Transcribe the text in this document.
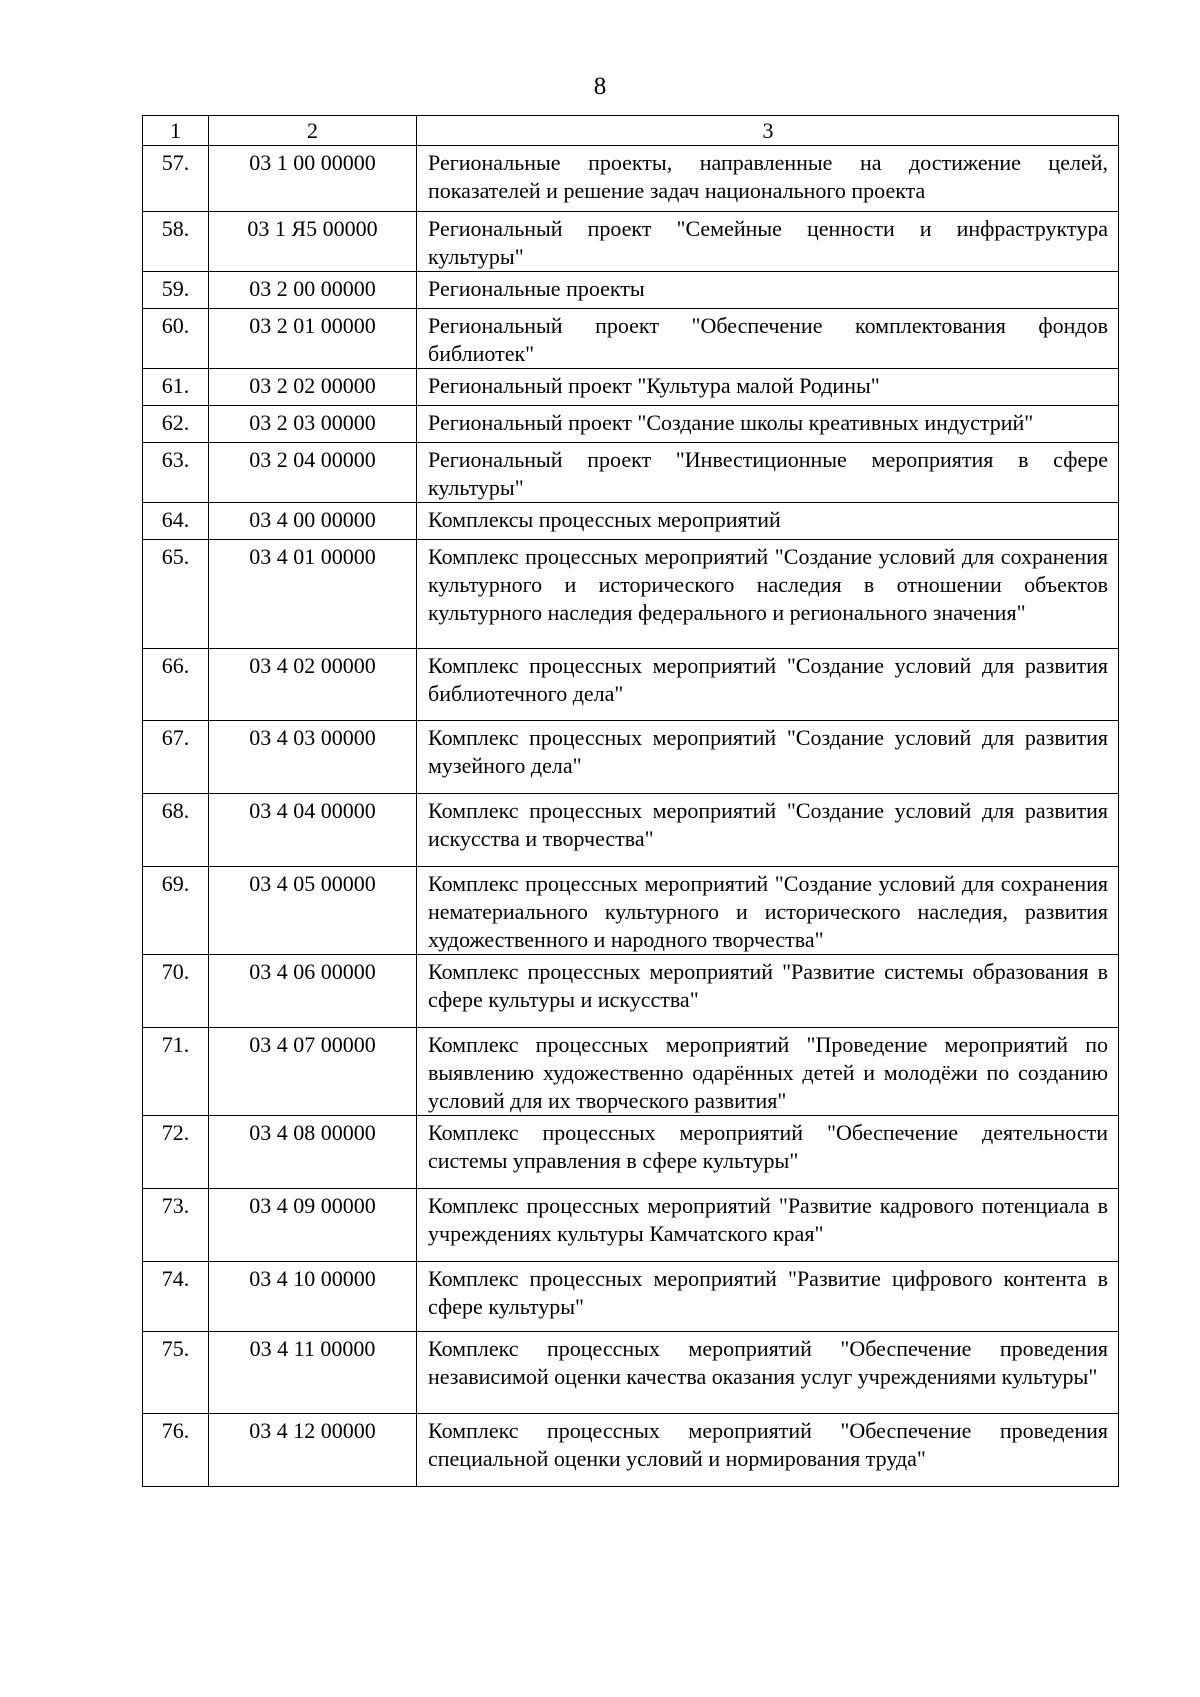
8
1	2	3
57.	03 1 00 00000	Региональные проекты, направленные на достижение целей, показателей и решение задач национального проекта

58.	03 1 Я5 00000	Региональный проект "Семейные ценности и инфраструктура культуры"

59.	03 2 00 00000	Региональные проекты

60.	03 2 01 00000	Региональный проект "Обеспечение комплектования фондов библиотек"

61.	03 2 02 00000	Региональный проект "Культура малой Родины"

62.	03 2 03 00000	Региональный проект "Создание школы креативных индустрий"

63.	03 2 04 00000	Региональный проект "Инвестиционные мероприятия в сфере культуры"

64.	03 4 00 00000	Комплексы процессных мероприятий

65.	03 4 01 00000	Комплекс процессных мероприятий "Создание условий для сохранения культурного и исторического наследия в отношении объектов культурного наследия федерального и регионального значения"

66.	03 4 02 00000	Комплекс процессных мероприятий "Создание условий для развития библиотечного дела"

67.	03 4 03 00000	Комплекс процессных мероприятий "Создание условий для развития музейного дела"

68.	03 4 04 00000	Комплекс процессных мероприятий "Создание условий для развития искусства и творчества"

69.	03 4 05 00000	Комплекс процессных мероприятий "Создание условий для сохранения нематериального культурного и исторического наследия, развития художественного и народного творчества"

70.	03 4 06 00000	Комплекс процессных мероприятий "Развитие системы образования в сфере культуры и искусства"

71.	03 4 07 00000	Комплекс процессных мероприятий "Проведение мероприятий по выявлению художественно одарённых детей и молодёжи по созданию условий для их творческого развития"

72.	03 4 08 00000	Комплекс процессных мероприятий "Обеспечение деятельности системы управления в сфере культуры"

73.	03 4 09 00000	Комплекс процессных мероприятий "Развитие кадрового потенциала в учреждениях культуры Камчатского края"

74.	03 4 10 00000	Комплекс процессных мероприятий "Развитие цифрового контента в сфере культуры"

75.	03 4 11 00000	Комплекс процессных мероприятий "Обеспечение проведения независимой оценки качества оказания услуг учреждениями культуры"

76.	03 4 12 00000	Комплекс процессных мероприятий "Обеспечение проведения специальной оценки условий и нормирования труда"
